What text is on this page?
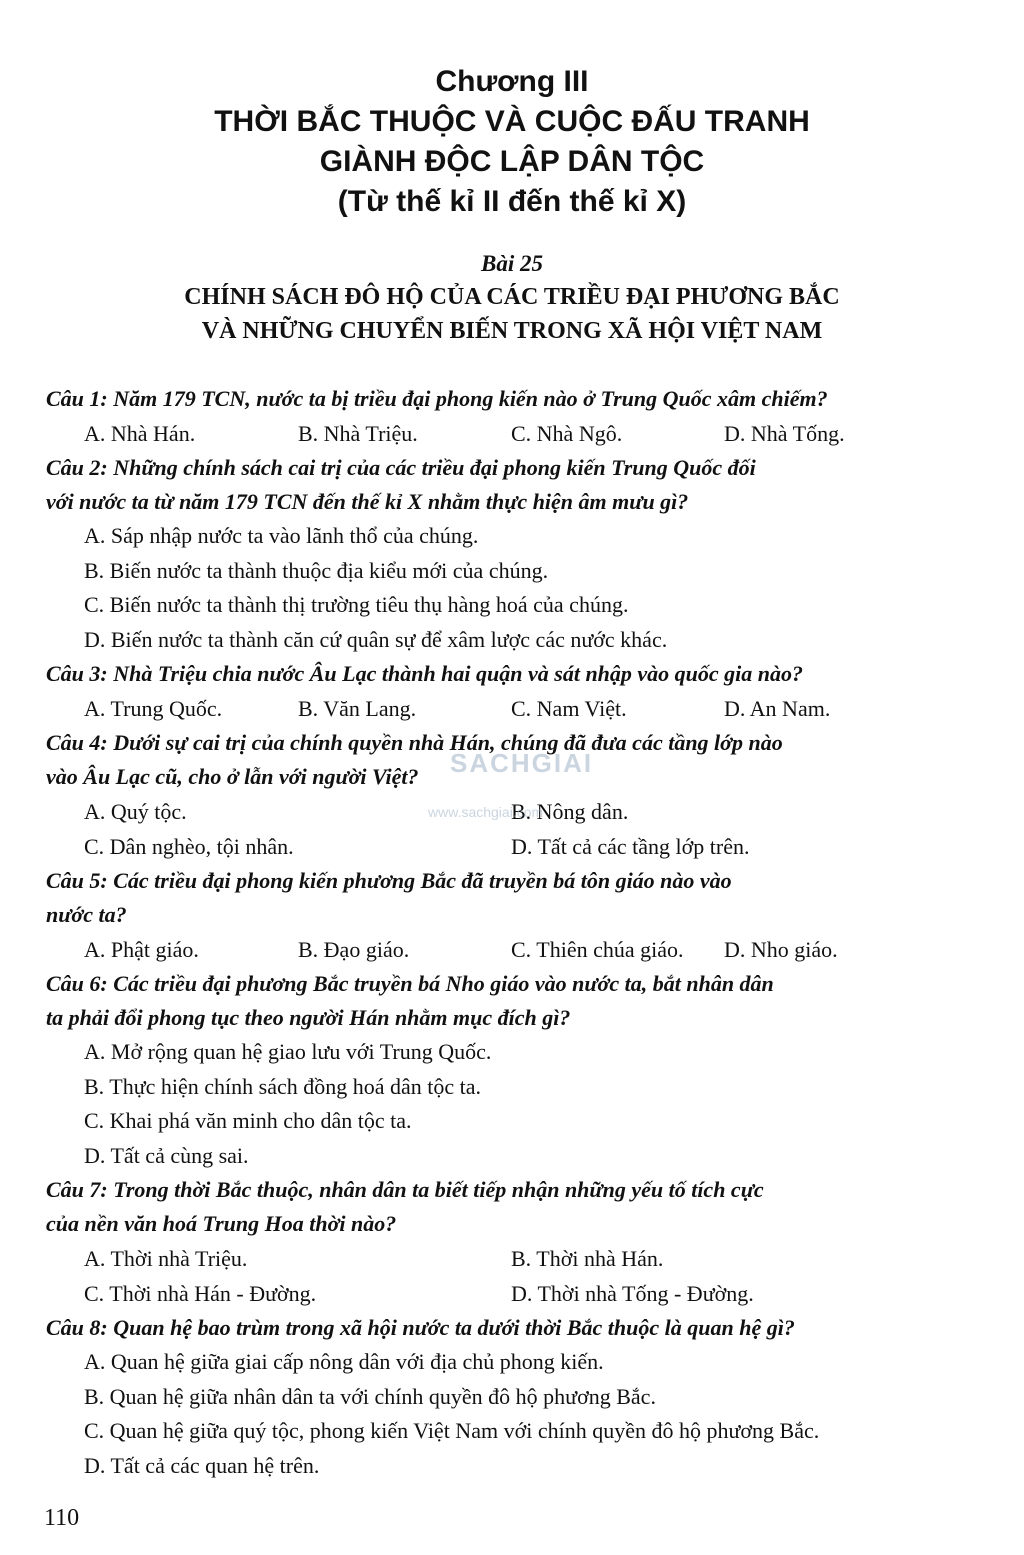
Chương III
THỜI BẮC THUỘC VÀ CUỘC ĐẤU TRANH
GIÀNH ĐỘC LẬP DÂN TỘC
(Từ thế kỉ II đến thế kỉ X)
Bài 25
CHÍNH SÁCH ĐÔ HỘ CỦA CÁC TRIỀU ĐẠI PHƯƠNG BẮC
VÀ NHỮNG CHUYỂN BIẾN TRONG XÃ HỘI VIỆT NAM

Câu 1: Năm 179 TCN, nước ta bị triều đại phong kiến nào ở Trung Quốc xâm chiếm?

A. Nhà Hán.	B. Nhà Triệu.	C. Nhà Ngô.	D. Nhà Tống.

Câu 2: Những chính sách cai trị của các triều đại phong kiến Trung Quốc đối

với nước ta từ năm 179 TCN đến thế kỉ X nhằm thực hiện âm mưu gì?

A. Sáp nhập nước ta vào lãnh thổ của chúng.
B. Biến nước ta thành thuộc địa kiểu mới của chúng.
C. Biến nước ta thành thị trường tiêu thụ hàng hoá của chúng.
D. Biến nước ta thành căn cứ quân sự để xâm lược các nước khác.

Câu 3: Nhà Triệu chia nước Âu Lạc thành hai quận và sát nhập vào quốc gia nào?

A. Trung Quốc.	B. Văn Lang.	C. Nam Việt.	D. An Nam.

Câu 4: Dưới sự cai trị của chính quyền nhà Hán, chúng đã đưa các tầng lớp nào

vào Âu Lạc cũ, cho ở lẫn với người Việt?

A. Quý tộc.	B. Nông dân.
C. Dân nghèo, tội nhân.	D. Tất cả các tầng lớp trên.

Câu 5: Các triều đại phong kiến phương Bắc đã truyền bá tôn giáo nào vào

nước ta?

A. Phật giáo.	B. Đạo giáo.	C. Thiên chúa giáo.	D. Nho giáo.

Câu 6: Các triều đại phương Bắc truyền bá Nho giáo vào nước ta, bắt nhân dân

ta phải đổi phong tục theo người Hán nhằm mục đích gì?

A. Mở rộng quan hệ giao lưu với Trung Quốc.
B. Thực hiện chính sách đồng hoá dân tộc ta.
C. Khai phá văn minh cho dân tộc ta.
D. Tất cả cùng sai.

Câu 7: Trong thời Bắc thuộc, nhân dân ta biết tiếp nhận những yếu tố tích cực

của nền văn hoá Trung Hoa thời nào?

A. Thời nhà Triệu.	B. Thời nhà Hán.
C. Thời nhà Hán - Đường.	D. Thời nhà Tống - Đường.

Câu 8: Quan hệ bao trùm trong xã hội nước ta dưới thời Bắc thuộc là quan hệ gì?

A. Quan hệ giữa giai cấp nông dân với địa chủ phong kiến.
B. Quan hệ giữa nhân dân ta với chính quyền đô hộ phương Bắc.
C. Quan hệ giữa quý tộc, phong kiến Việt Nam với chính quyền đô hộ phương Bắc.
D. Tất cả các quan hệ trên.
SACHGIAI
www.sachgiai.com
110
